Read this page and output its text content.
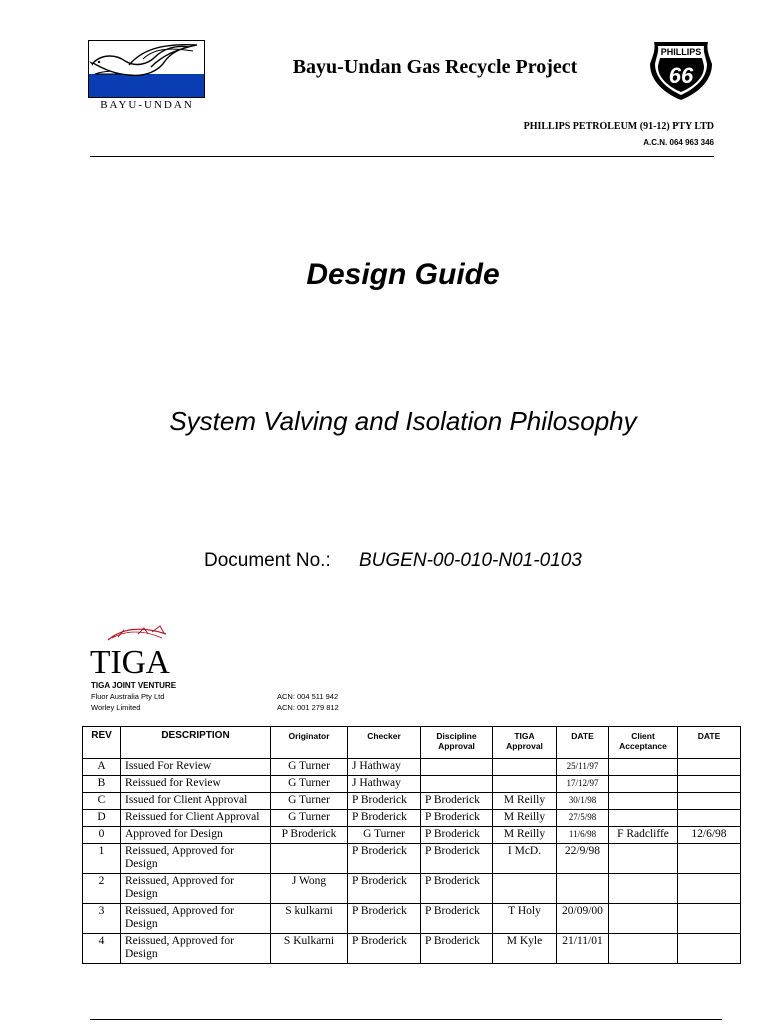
BAYU-UNDAN
Bayu-Undan Gas Recycle Project
PHILLIPS
66
PHILLIPS PETROLEUM (91-12) PTY LTD
A.C.N. 064 963 346
Design Guide
System Valving and Isolation Philosophy
Document No.: BUGEN-00-010-N01-0103
TIGA
TIGA JOINT VENTURE
Fluor Australia Pty Ltd	ACN: 004 511 942
Worley Limited	ACN: 001 279 812
REV	DESCRIPTION	Originator	Checker	Discipline Approval	TIGA Approval	DATE	Client Acceptance	DATE
A	Issued For Review	G Turner	J Hathway			25/11/97		
B	Reissued for Review	G Turner	J Hathway			17/12/97		
C	Issued for Client Approval	G Turner	P Broderick	P Broderick	M Reilly	30/1/98		
D	Reissued for Client Approval	G Turner	P Broderick	P Broderick	M Reilly	27/5/98		
0	Approved for Design	P Broderick	G Turner	P Broderick	M Reilly	11/6/98	F Radcliffe	12/6/98
1	Reissued, Approved for Design		P Broderick	P Broderick	I McD.	22/9/98		
2	Reissued, Approved for Design	J Wong	P Broderick	P Broderick				
3	Reissued, Approved for Design	S kulkarni	P Broderick	P Broderick	T Holy	20/09/00		
4	Reissued, Approved for Design	S Kulkarni	P Broderick	P Broderick	M Kyle	21/11/01		
